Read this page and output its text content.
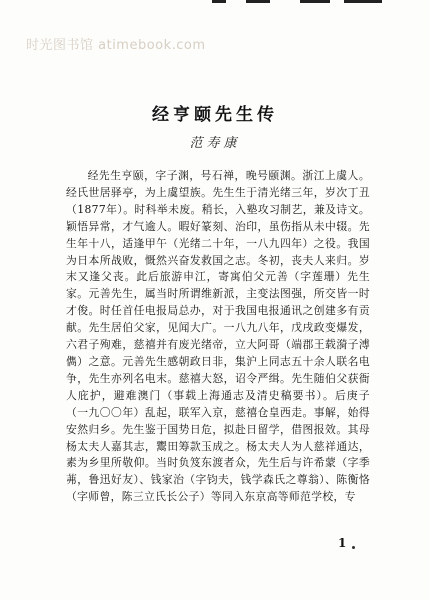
时光图书馆 atimebook.com
经亨颐先生传
范寿康

经先生亨颐，字子渊，号石禅，晚号颐渊。浙江上虞人。经氏世居驿亭，为上虞望族。先生生于清光绪三年，岁次丁丑（1877年）。时科举未废。稍长，入塾攻习制艺，兼及诗文。颖悟异常，才气逾人。暇好篆刻、治印，虽伤指从未中辍。先生年十八，适逢甲午（光绪二十年，一八九四年）之役。我国为日本所战败，慨然兴奋发救国之志。冬初，丧夫人来归。岁末又逢父丧。此后旅游申江，寄寓伯父元善（字莲珊）先生家。元善先生，属当时所谓维新派，主变法图强，所交皆一时才俊。时任首任电报局总办，对于我国电报通讯之创建多有贡献。先生居伯父家，见闻大广。一八九八年，戊戌政变爆发，六君子殉难，慈禧并有废光绪帝，立大阿哥（端郡王载漪子溥儁）之意。元善先生感朝政日非，集沪上同志五十余人联名电争，先生亦列名电末。慈禧大怒，诏令严缉。先生随伯父获衙人庇护，避难澳门（事载上海通志及清史稿要书）。后庚子（一九〇〇年）乱起，联军入京，慈禧仓皇西走。事解，始得安然归乡。先生鉴于国势日危，拟赴日留学，借图报效。其母杨太夫人嘉其志，鬻田筹款玉成之。杨太夫人为人慈祥通达，素为乡里所敬仰。当时负笈东渡者众，先生后与许希蒙（字季茀，鲁迅好友）、钱家治（字钧夫，钱学森氏之尊翁）、陈衡恪（字师曾，陈三立氏长公子）等同入东京高等师范学校，专

1
